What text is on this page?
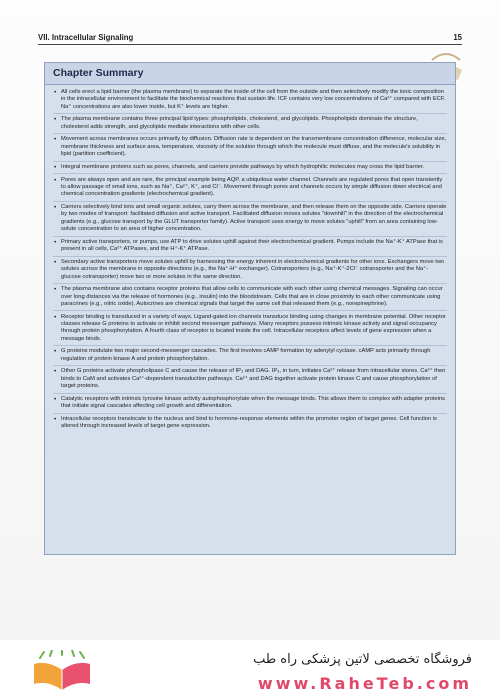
VII. Intracellular Signaling	15
Chapter Summary
• All cells erect a lipid barrier (the plasma membrane) to separate the inside of the cell from the outside and then selectively modify the ionic composition in the intracellular environment to facilitate the biochemical reactions that sustain life. ICF contains very low concentrations of Ca²⁺ compared with ECF. Na⁺ concentrations are also lower inside, but K⁺ levels are higher.
• The plasma membrane contains three principal lipid types: phospholipids, cholesterol, and glycolipids. Phospholipids dominate the structure, cholesterol adds strength, and glycolipids mediate interactions with other cells.
• Movement across membranes occurs primarily by diffusion. Diffusion rate is dependent on the transmembrane concentration difference, molecular size, membrane thickness and surface area, temperature, viscosity of the solution through which the molecule must diffuse, and the molecule's solubility in lipid (partition coefficient).
• Integral membrane proteins such as pores, channels, and carriers provide pathways by which hydrophilic molecules may cross the lipid barrier.
• Pores are always open and are rare, the principal example being AQP, a ubiquitous water channel. Channels are regulated pores that open transiently to allow passage of small ions, such as Na⁺, Ca²⁺, K⁺, and Cl⁻. Movement through pores and channels occurs by simple diffusion down electrical and chemical concentration gradients (electrochemical gradient).
• Carriers selectively bind ions and small organic solutes, carry them across the membrane, and then release them on the opposite side. Carriers operate by two modes of transport: facilitated diffusion and active transport. Facilitated diffusion moves solutes "downhill" in the direction of the electrochemical gradients (e.g., glucose transport by the GLUT transporter family). Active transport uses energy to move solutes "uphill" from an area containing low-solute concentration to an area of higher concentration.
• Primary active transporters, or pumps, use ATP to drive solutes uphill against their electrochemical gradient. Pumps include the Na⁺-K⁺ ATPase that is present in all cells, Ca²⁺ ATPases, and the H⁺-K⁺ ATPase.
• Secondary active transporters move solutes uphill by harnessing the energy inherent in electrochemical gradients for other ions. Exchangers move two solutes across the membrane in opposite directions (e.g., the Na⁺-H⁺ exchanger). Cotransporters (e.g., Na⁺-K⁺-2Cl⁻ cotransporter and the Na⁺-glucose cotransporter) move two or more solutes in the same direction.
• The plasma membrane also contains receptor proteins that allow cells to communicate with each other using chemical messages. Signaling can occur over long distances via the release of hormones (e.g., insulin) into the bloodstream. Cells that are in close proximity to each other communicate using paracrines (e.g., nitric oxide). Autocrines are chemical signals that target the same cell that released them (e.g., norepinephrine).
• Receptor binding is transduced in a variety of ways. Ligand-gated ion channels transduce binding using changes in membrane potential. Other receptor classes release G proteins to activate or inhibit second messenger pathways. Many receptors possess intrinsic kinase activity and signal occupancy through protein phosphorylation. A fourth class of receptor is located inside the cell. Intracellular receptors affect levels of gene expression when a message binds.
• G proteins modulate two major second-messenger cascades. The first involves cAMP formation by adenylyl cyclase. cAMP acts primarily through regulation of protein kinase A and protein phosphorylation.
• Other G proteins activate phospholipase C and cause the release of IP₃ and DAG. IP₃, in turn, initiates Ca²⁺ release from intracellular stores. Ca²⁺ then binds to CaM and activates Ca²⁺-dependent transduction pathways. Ca²⁺ and DAG together activate protein kinase C and cause phosphorylation of target proteins.
• Catalytic receptors with intrinsic tyrosine kinase activity autophosphorylate when the message binds. This allows them to complex with adapter proteins that initiate signal cascades affecting cell growth and differentiation.
• Intracellular receptors translocate to the nucleus and bind to hormone-response elements within the promoter region of target genes. Cell function is altered through increased levels of target gene expression.
فروشگاه تخصصی لاتین پزشکی راه طب
www.RaheTeb.com
